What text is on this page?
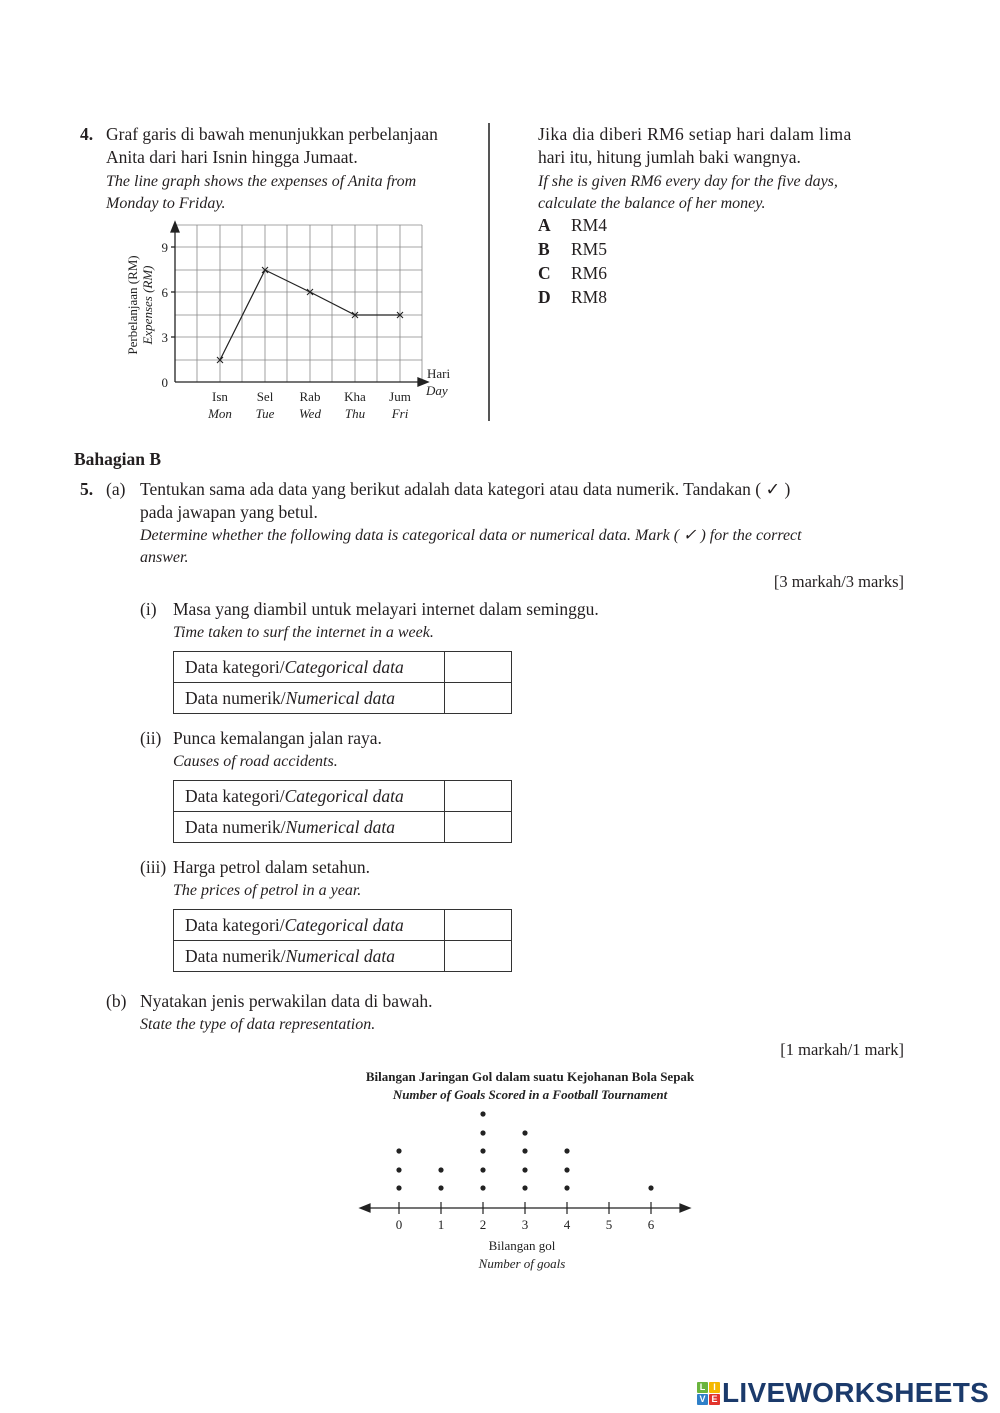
4. Graf garis di bawah menunjukkan perbelanjaan
Anita dari hari Isnin hingga Jumaat.
The line graph shows the expenses of Anita from
Monday to Friday.
9
6
3
0
Perbelanjaan (RM) Expenses (RM)
Isn Sel Rab Kha Jum
Mon Tue Wed Thu Fri
Hari
Day
Jika dia diberi RM6 setiap hari dalam lima
hari itu, hitung jumlah baki wangnya.
If she is given RM6 every day for the five days,
calculate the balance of her money.
A RM4
B RM5
C RM6
D RM8
Bahagian B
5. (a) Tentukan sama ada data yang berikut adalah data kategori atau data numerik. Tandakan ( ✓ )
pada jawapan yang betul.
Determine whether the following data is categorical data or numerical data. Mark ( ✓ ) for the correct
answer.
[3 markah/3 marks]
(i) Masa yang diambil untuk melayari internet dalam seminggu.
Time taken to surf the internet in a week.
Data kategori/Categorical data	
Data numerik/Numerical data	
(ii) Punca kemalangan jalan raya.
Causes of road accidents.
Data kategori/Categorical data	
Data numerik/Numerical data	
(iii) Harga petrol dalam setahun.
The prices of petrol in a year.
Data kategori/Categorical data	
Data numerik/Numerical data	
(b) Nyatakan jenis perwakilan data di bawah.
State the type of data representation.
[1 markah/1 mark]
Bilangan Jaringan Gol dalam suatu Kejohanan Bola Sepak
Number of Goals Scored in a Football Tournament
0	1	2	3	4	5	6
Bilangan gol
Number of goals
L I
V E LIVEWORKSHEETS
